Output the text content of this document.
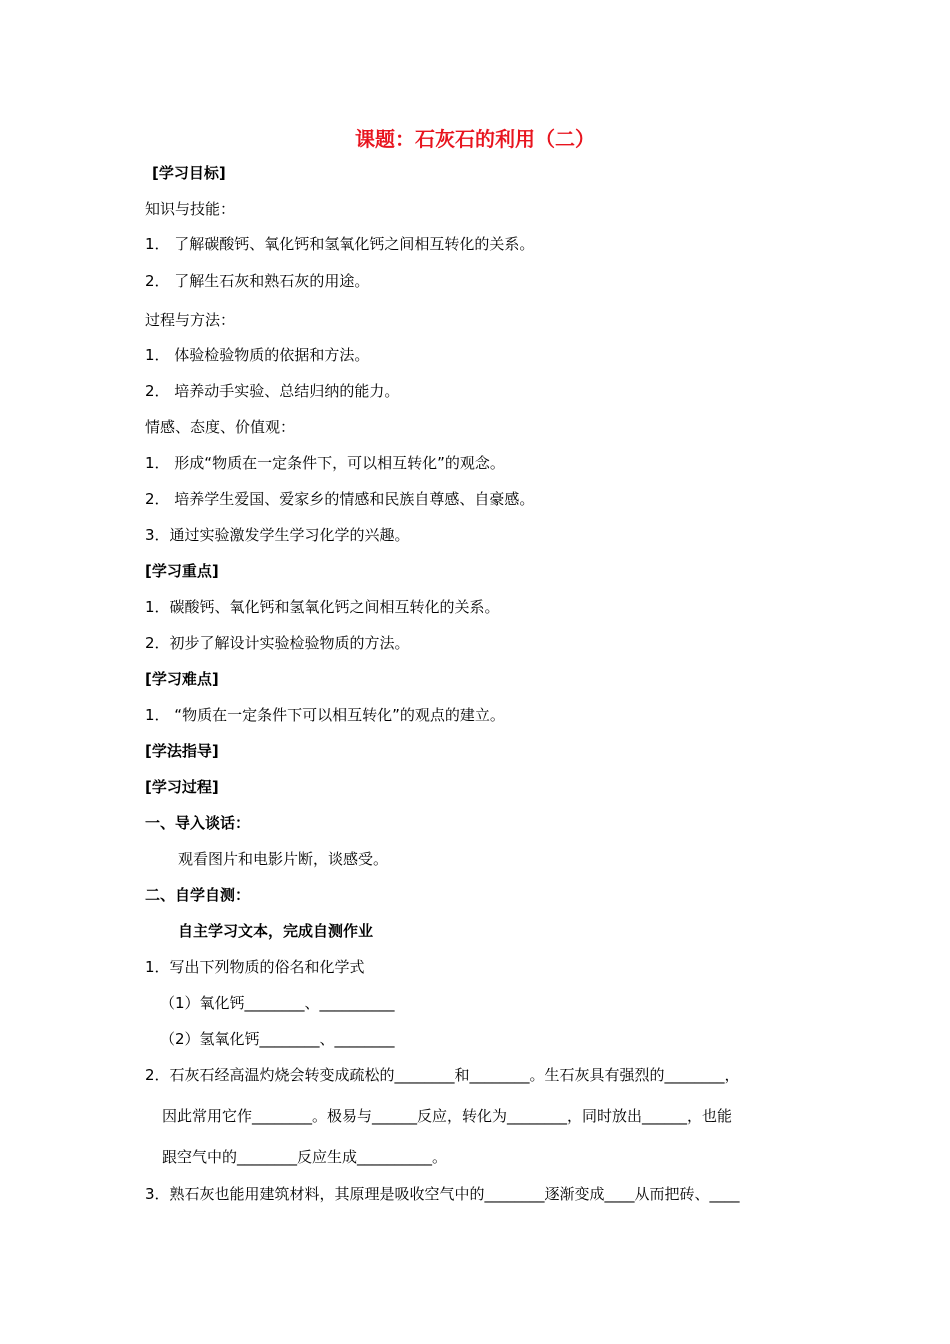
课题：石灰石的利用（二）
[学习目标]
知识与技能：
1． 了解碳酸钙、氧化钙和氢氧化钙之间相互转化的关系。
2． 了解生石灰和熟石灰的用途。
过程与方法：
1． 体验检验物质的依据和方法。
2． 培养动手实验、总结归纳的能力。
情感、态度、价值观：
1． 形成“物质在一定条件下，可以相互转化”的观念。
2． 培养学生爱国、爱家乡的情感和民族自尊感、自豪感。
3．通过实验激发学生学习化学的兴趣。
[学习重点]
1．碳酸钙、氧化钙和氢氧化钙之间相互转化的关系。
2．初步了解设计实验检验物质的方法。
[学习难点]
1． “物质在一定条件下可以相互转化”的观点的建立。
[学法指导]
[学习过程]
一、导入谈话：
观看图片和电影片断，谈感受。
二、自学自测：
自主学习文本，完成自测作业
1．写出下列物质的俗名和化学式
（1）氧化钙________、__________
（2）氢氧化钙________、________
2．石灰石经高温灼烧会转变成疏松的________和________。生石灰具有强烈的________，
因此常用它作________。极易与______反应，转化为________，同时放出______，也能
跟空气中的________反应生成__________。
3．熟石灰也能用建筑材料，其原理是吸收空气中的________逐渐变成____从而把砖、____
